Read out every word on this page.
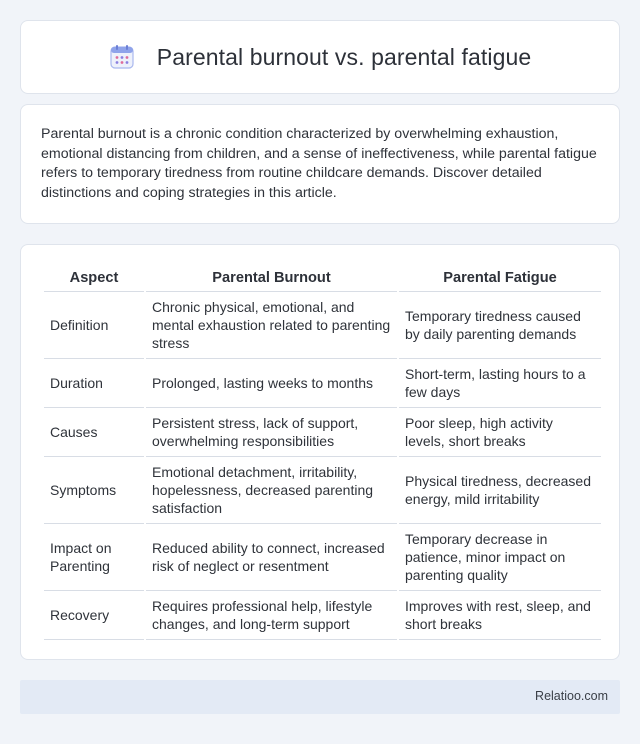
Parental burnout vs. parental fatigue

Parental burnout is a chronic condition characterized by overwhelming exhaustion, emotional distancing from children, and a sense of ineffectiveness, while parental fatigue refers to temporary tiredness from routine childcare demands. Discover detailed distinctions and coping strategies in this article.

Aspect	Parental Burnout	Parental Fatigue
Definition	Chronic physical, emotional, and mental exhaustion related to parenting stress	Temporary tiredness caused by daily parenting demands
Duration	Prolonged, lasting weeks to months	Short-term, lasting hours to a few days
Causes	Persistent stress, lack of support, overwhelming responsibilities	Poor sleep, high activity levels, short breaks
Symptoms	Emotional detachment, irritability, hopelessness, decreased parenting satisfaction	Physical tiredness, decreased energy, mild irritability
Impact on Parenting	Reduced ability to connect, increased risk of neglect or resentment	Temporary decrease in patience, minor impact on parenting quality
Recovery	Requires professional help, lifestyle changes, and long-term support	Improves with rest, sleep, and short breaks
Relatioo.com
